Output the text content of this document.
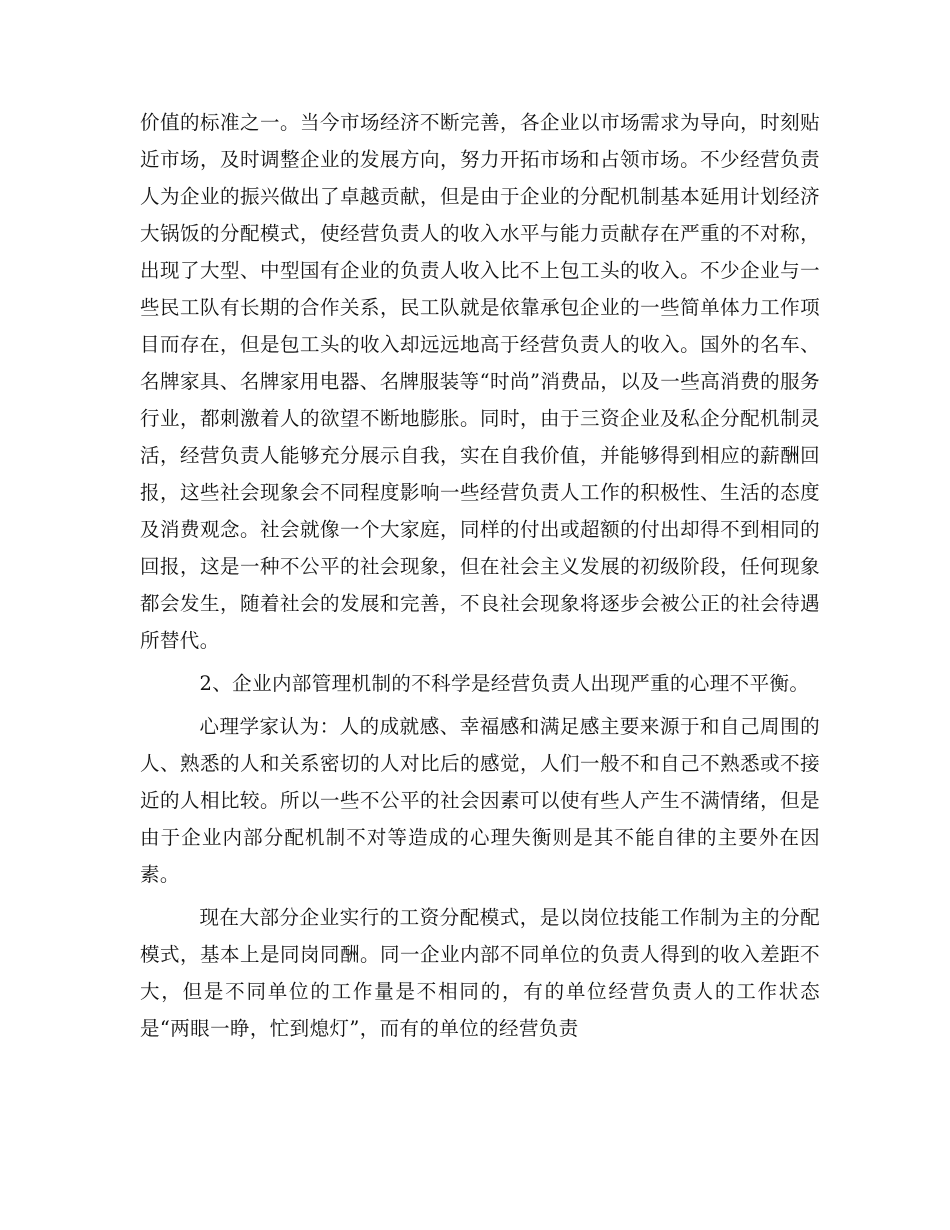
价值的标准之一。当今市场经济不断完善，各企业以市场需求为导向，时刻贴近市场，及时调整企业的发展方向，努力开拓市场和占领市场。不少经营负责人为企业的振兴做出了卓越贡献，但是由于企业的分配机制基本延用计划经济大锅饭的分配模式，使经营负责人的收入水平与能力贡献存在严重的不对称，出现了大型、中型国有企业的负责人收入比不上包工头的收入。不少企业与一些民工队有长期的合作关系，民工队就是依靠承包企业的一些简单体力工作项目而存在，但是包工头的收入却远远地高于经营负责人的收入。国外的名车、名牌家具、名牌家用电器、名牌服装等“时尚”消费品，以及一些高消费的服务行业，都刺激着人的欲望不断地膨胀。同时，由于三资企业及私企分配机制灵活，经营负责人能够充分展示自我，实在自我价值，并能够得到相应的薪酬回报，这些社会现象会不同程度影响一些经营负责人工作的积极性、生活的态度及消费观念。社会就像一个大家庭，同样的付出或超额的付出却得不到相同的回报，这是一种不公平的社会现象，但在社会主义发展的初级阶段，任何现象都会发生，随着社会的发展和完善，不良社会现象将逐步会被公正的社会待遇所替代。

2、企业内部管理机制的不科学是经营负责人出现严重的心理不平衡。

心理学家认为：人的成就感、幸福感和满足感主要来源于和自己周围的人、熟悉的人和关系密切的人对比后的感觉，人们一般不和自己不熟悉或不接近的人相比较。所以一些不公平的社会因素可以使有些人产生不满情绪，但是由于企业内部分配机制不对等造成的心理失衡则是其不能自律的主要外在因素。

现在大部分企业实行的工资分配模式，是以岗位技能工作制为主的分配模式，基本上是同岗同酬。同一企业内部不同单位的负责人得到的收入差距不大，但是不同单位的工作量是不相同的，有的单位经营负责人的工作状态是“两眼一睁，忙到熄灯”，而有的单位的经营负责
